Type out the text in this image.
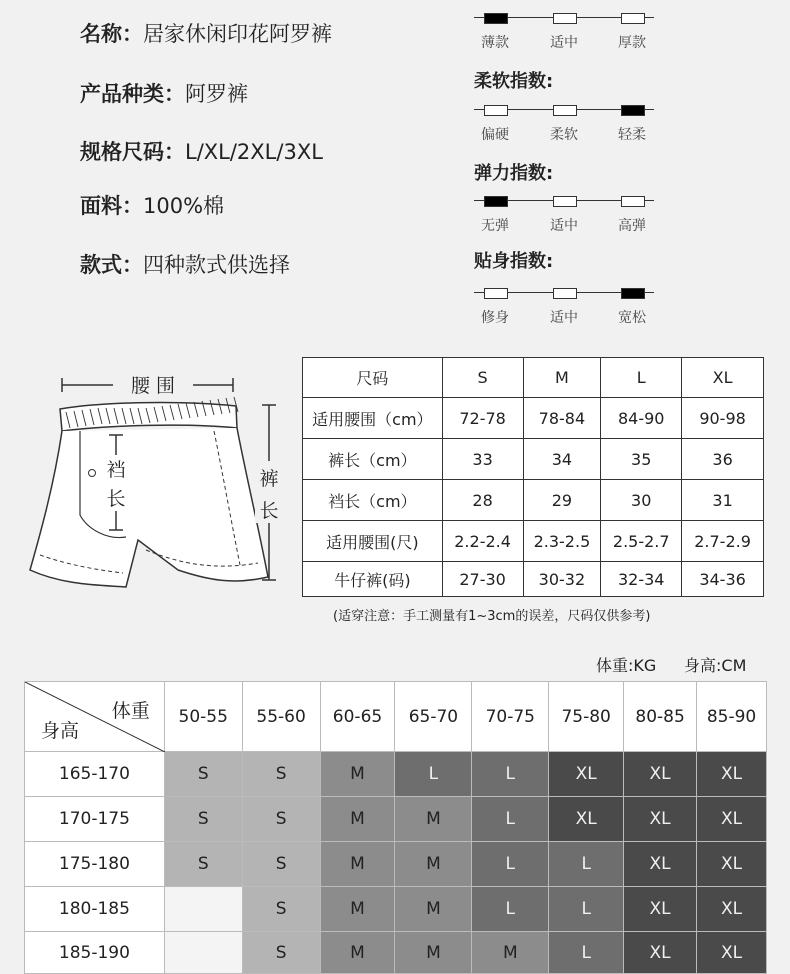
名称：居家休闲印花阿罗裤
产品种类：阿罗裤
规格尺码：L/XL/2XL/3XL
面料：100%棉
款式：四种款式供选择
薄款	适中	厚款
柔软指数:
偏硬	柔软	轻柔
弹力指数:
无弹	适中	高弹
贴身指数:
修身	适中	宽松
腰 围
裆
长
裤
长
尺码	S	M	L	XL
适用腰围（cm）	72-78	78-84	84-90	90-98
裤长（cm）	33	34	35	36
裆长（cm）	28	29	30	31
适用腰围(尺)	2.2-2.4	2.3-2.5	2.5-2.7	2.7-2.9
牛仔裤(码)	27-30	30-32	32-34	34-36
(适穿注意：手工测量有1~3cm的误差，尺码仅供参考)
体重:KG 身高:CM
体重
身高	50-55	55-60	60-65	65-70	70-75	75-80	80-85	85-90
165-170	S	S	M	L	L	XL	XL	XL
170-175	S	S	M	M	L	XL	XL	XL
175-180	S	S	M	M	L	L	XL	XL
180-185		S	M	M	L	L	XL	XL
185-190		S	M	M	M	L	XL	XL
